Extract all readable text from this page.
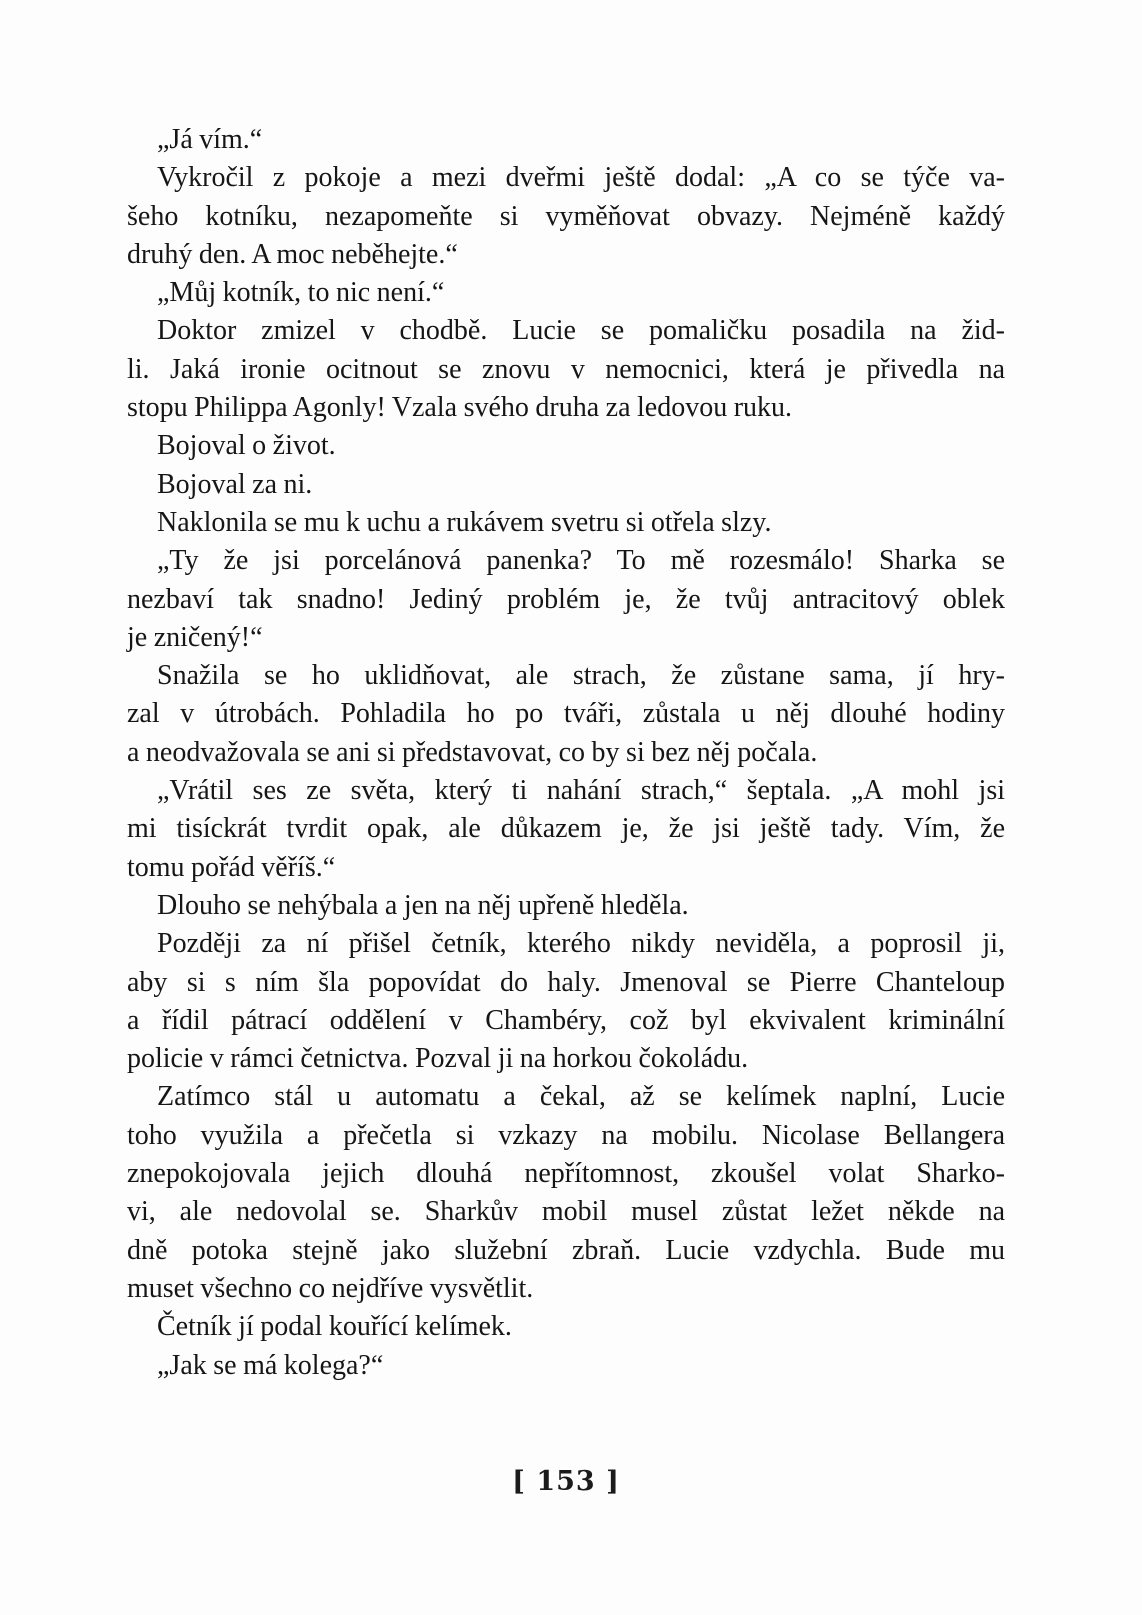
„Já vím.“
Vykročil z pokoje a mezi dveřmi ještě dodal: „A co se týče va-
šeho kotníku, nezapomeňte si vyměňovat obvazy. Nejméně každý
druhý den. A moc neběhejte.“
„Můj kotník, to nic není.“
Doktor zmizel v chodbě. Lucie se pomaličku posadila na žid-
li. Jaká ironie ocitnout se znovu v nemocnici, která je přivedla na
stopu Philippa Agonly! Vzala svého druha za ledovou ruku.
Bojoval o život.
Bojoval za ni.
Naklonila se mu k uchu a rukávem svetru si otřela slzy.
„Ty že jsi porcelánová panenka? To mě rozesmálo! Sharka se
nezbaví tak snadno! Jediný problém je, že tvůj antracitový oblek
je zničený!“
Snažila se ho uklidňovat, ale strach, že zůstane sama, jí hry-
zal v útrobách. Pohladila ho po tváři, zůstala u něj dlouhé hodiny
a neodvažovala se ani si představovat, co by si bez něj počala.
„Vrátil ses ze světa, který ti nahání strach,“ šeptala. „A mohl jsi
mi tisíckrát tvrdit opak, ale důkazem je, že jsi ještě tady. Vím, že
tomu pořád věříš.“
Dlouho se nehýbala a jen na něj upřeně hleděla.
Později za ní přišel četník, kterého nikdy neviděla, a poprosil ji,
aby si s ním šla popovídat do haly. Jmenoval se Pierre Chanteloup
a řídil pátrací oddělení v Chambéry, což byl ekvivalent kriminální
policie v rámci četnictva. Pozval ji na horkou čokoládu.
Zatímco stál u automatu a čekal, až se kelímek naplní, Lucie
toho využila a přečetla si vzkazy na mobilu. Nicolase Bellangera
znepokojovala jejich dlouhá nepřítomnost, zkoušel volat Sharko-
vi, ale nedovolal se. Sharkův mobil musel zůstat ležet někde na
dně potoka stejně jako služební zbraň. Lucie vzdychla. Bude mu
muset všechno co nejdříve vysvětlit.
Četník jí podal kouřící kelímek.
„Jak se má kolega?“
[ 153 ]
